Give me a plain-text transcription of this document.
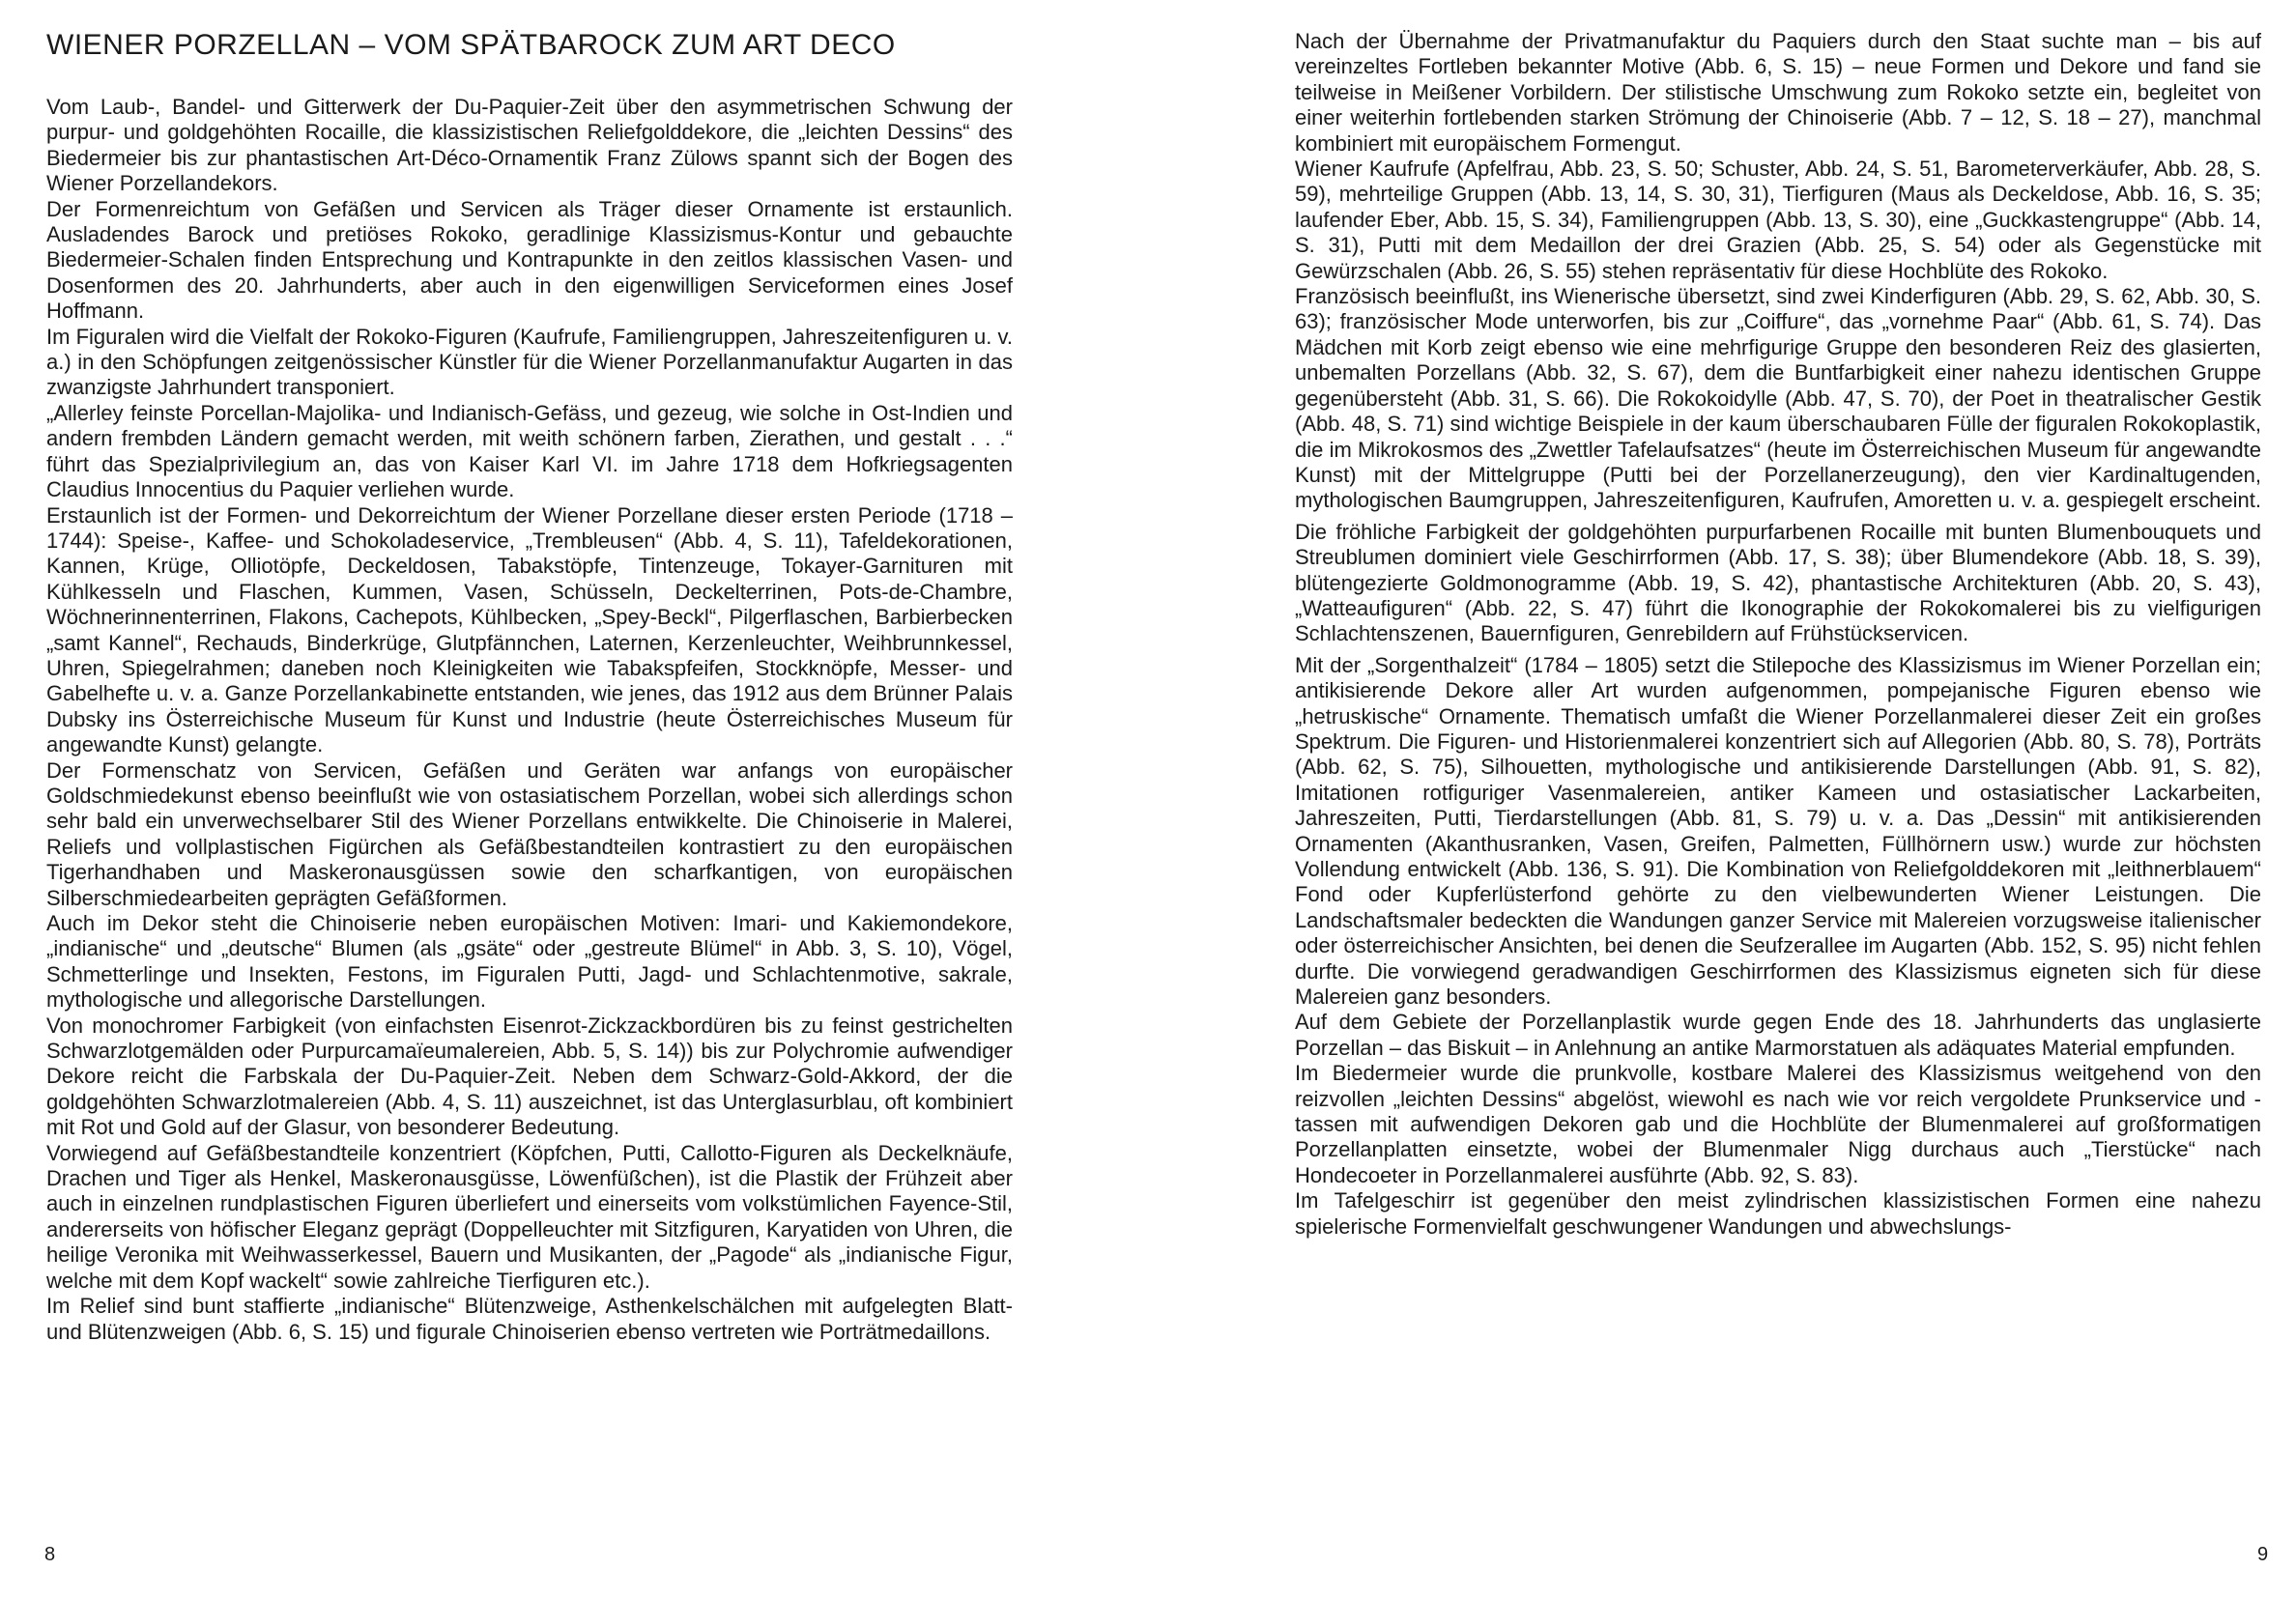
WIENER PORZELLAN – VOM SPÄTBAROCK ZUM ART DECO

Vom Laub-, Bandel- und Gitterwerk der Du-Paquier-Zeit über den asymmetrischen Schwung der purpur- und goldgehöhten Rocaille, die klassizistischen Reliefgolddekore, die „leichten Dessins“ des Biedermeier bis zur phantastischen Art-Déco-Ornamentik Franz Zülows spannt sich der Bogen des Wiener Porzellandekors.

Der Formenreichtum von Gefäßen und Servicen als Träger dieser Ornamente ist erstaunlich. Ausladendes Barock und pretiöses Rokoko, geradlinige Klassizismus-Kontur und gebauchte Biedermeier-Schalen finden Entsprechung und Kontrapunkte in den zeitlos klassischen Vasen- und Dosenformen des 20. Jahrhunderts, aber auch in den eigenwilligen Serviceformen eines Josef Hoffmann.

Im Figuralen wird die Vielfalt der Rokoko-Figuren (Kaufrufe, Familiengruppen, Jahreszeitenfiguren u. v. a.) in den Schöpfungen zeitgenössischer Künstler für die Wiener Porzellanmanufaktur Augarten in das zwanzigste Jahrhundert transponiert.

„Allerley feinste Porcellan-Majolika- und Indianisch-Gefäss, und gezeug, wie solche in Ost-Indien und andern frembden Ländern gemacht werden, mit weith schönern farben, Zierathen, und gestalt . . .“ führt das Spezialprivilegium an, das von Kaiser Karl VI. im Jahre 1718 dem Hofkriegsagenten Claudius Innocentius du Paquier verliehen wurde.

Erstaunlich ist der Formen- und Dekorreichtum der Wiener Porzellane dieser ersten Periode (1718 – 1744): Speise-, Kaffee- und Schokoladeservice, „Trembleusen“ (Abb. 4, S. 11), Tafeldekorationen, Kannen, Krüge, Olliotöpfe, Deckeldosen, Tabakstöpfe, Tintenzeuge, Tokayer-Garnituren mit Kühlkesseln und Flaschen, Kummen, Vasen, Schüsseln, Deckelterrinen, Pots-de-Chambre, Wöchnerinnenterrinen, Flakons, Cachepots, Kühlbecken, „Spey-Beckl“, Pilgerflaschen, Barbierbecken „samt Kannel“, Rechauds, Binderkrüge, Glutpfännchen, Laternen, Kerzenleuchter, Weihbrunnkessel, Uhren, Spiegelrahmen; daneben noch Kleinigkeiten wie Tabakspfeifen, Stockknöpfe, Messer- und Gabelhefte u. v. a. Ganze Porzellankabinette entstanden, wie jenes, das 1912 aus dem Brünner Palais Dubsky ins Österreichische Museum für Kunst und Industrie (heute Österreichisches Museum für angewandte Kunst) gelangte.

Der Formenschatz von Servicen, Gefäßen und Geräten war anfangs von europäischer Goldschmiedekunst ebenso beeinflußt wie von ostasiatischem Porzellan, wobei sich allerdings schon sehr bald ein unverwechselbarer Stil des Wiener Porzellans entwikkelte. Die Chinoiserie in Malerei, Reliefs und vollplastischen Figürchen als Gefäßbestandteilen kontrastiert zu den europäischen Tigerhandhaben und Maskeronausgüssen sowie den scharfkantigen, von europäischen Silberschmiedearbeiten geprägten Gefäßformen.

Auch im Dekor steht die Chinoiserie neben europäischen Motiven: Imari- und Kakiemondekore, „indianische“ und „deutsche“ Blumen (als „gsäte“ oder „gestreute Blümel“ in Abb. 3, S. 10), Vögel, Schmetterlinge und Insekten, Festons, im Figuralen Putti, Jagd- und Schlachtenmotive, sakrale, mythologische und allegorische Darstellungen.

Von monochromer Farbigkeit (von einfachsten Eisenrot-Zickzackbordüren bis zu feinst gestrichelten Schwarzlotgemälden oder Purpurcamaïeumalereien, Abb. 5, S. 14)) bis zur Polychromie aufwendiger Dekore reicht die Farbskala der Du-Paquier-Zeit. Neben dem Schwarz-Gold-Akkord, der die goldgehöhten Schwarzlotmalereien (Abb. 4, S. 11) auszeichnet, ist das Unterglasurblau, oft kombiniert mit Rot und Gold auf der Glasur, von besonderer Bedeutung.

Vorwiegend auf Gefäßbestandteile konzentriert (Köpfchen, Putti, Callotto-Figuren als Deckelknäufe, Drachen und Tiger als Henkel, Maskeronausgüsse, Löwenfüßchen), ist die Plastik der Frühzeit aber auch in einzelnen rundplastischen Figuren überliefert und einerseits vom volkstümlichen Fayence-Stil, andererseits von höfischer Eleganz geprägt (Doppelleuchter mit Sitzfiguren, Karyatiden von Uhren, die heilige Veronika mit Weihwasserkessel, Bauern und Musikanten, der „Pagode“ als „indianische Figur, welche mit dem Kopf wackelt“ sowie zahlreiche Tierfiguren etc.).

Im Relief sind bunt staffierte „indianische“ Blütenzweige, Asthenkelschälchen mit aufgelegten Blatt- und Blütenzweigen (Abb. 6, S. 15) und figurale Chinoiserien ebenso vertreten wie Porträtmedaillons.

8

Nach der Übernahme der Privatmanufaktur du Paquiers durch den Staat suchte man – bis auf vereinzeltes Fortleben bekannter Motive (Abb. 6, S. 15) – neue Formen und Dekore und fand sie teilweise in Meißener Vorbildern. Der stilistische Umschwung zum Rokoko setzte ein, begleitet von einer weiterhin fortlebenden starken Strömung der Chinoiserie (Abb. 7 – 12, S. 18 – 27), manchmal kombiniert mit europäischem Formengut.

Wiener Kaufrufe (Apfelfrau, Abb. 23, S. 50; Schuster, Abb. 24, S. 51, Barometerverkäufer, Abb. 28, S. 59), mehrteilige Gruppen (Abb. 13, 14, S. 30, 31), Tierfiguren (Maus als Deckeldose, Abb. 16, S. 35; laufender Eber, Abb. 15, S. 34), Familiengruppen (Abb. 13, S. 30), eine „Guckkastengruppe“ (Abb. 14, S. 31), Putti mit dem Medaillon der drei Grazien (Abb. 25, S. 54) oder als Gegenstücke mit Gewürzschalen (Abb. 26, S. 55) stehen repräsentativ für diese Hochblüte des Rokoko.

Französisch beeinflußt, ins Wienerische übersetzt, sind zwei Kinderfiguren (Abb. 29, S. 62, Abb. 30, S. 63); französischer Mode unterworfen, bis zur „Coiffure“, das „vornehme Paar“ (Abb. 61, S. 74). Das Mädchen mit Korb zeigt ebenso wie eine mehrfigurige Gruppe den besonderen Reiz des glasierten, unbemalten Porzellans (Abb. 32, S. 67), dem die Buntfarbigkeit einer nahezu identischen Gruppe gegenübersteht (Abb. 31, S. 66). Die Rokokoidylle (Abb. 47, S. 70), der Poet in theatralischer Gestik (Abb. 48, S. 71) sind wichtige Beispiele in der kaum überschaubaren Fülle der figuralen Rokokoplastik, die im Mikrokosmos des „Zwettler Tafelaufsatzes“ (heute im Österreichischen Museum für angewandte Kunst) mit der Mittelgruppe (Putti bei der Porzellanerzeugung), den vier Kardinaltugenden, mythologischen Baumgruppen, Jahreszeitenfiguren, Kaufrufen, Amoretten u. v. a. gespiegelt erscheint.

Die fröhliche Farbigkeit der goldgehöhten purpurfarbenen Rocaille mit bunten Blumenbouquets und Streublumen dominiert viele Geschirrformen (Abb. 17, S. 38); über Blumendekore (Abb. 18, S. 39), blütengezierte Goldmonogramme (Abb. 19, S. 42), phantastische Architekturen (Abb. 20, S. 43), „Watteaufiguren“ (Abb. 22, S. 47) führt die Ikonographie der Rokokomalerei bis zu vielfigurigen Schlachtenszenen, Bauernfiguren, Genrebildern auf Frühstückservicen.

Mit der „Sorgenthalzeit“ (1784 – 1805) setzt die Stilepoche des Klassizismus im Wiener Porzellan ein; antikisierende Dekore aller Art wurden aufgenommen, pompejanische Figuren ebenso wie „hetruskische“ Ornamente. Thematisch umfaßt die Wiener Porzellanmalerei dieser Zeit ein großes Spektrum. Die Figuren- und Historienmalerei konzentriert sich auf Allegorien (Abb. 80, S. 78), Porträts (Abb. 62, S. 75), Silhouetten, mythologische und antikisierende Darstellungen (Abb. 91, S. 82), Imitationen rotfiguriger Vasenmalereien, antiker Kameen und ostasiatischer Lackarbeiten, Jahreszeiten, Putti, Tierdarstellungen (Abb. 81, S. 79) u. v. a. Das „Dessin“ mit antikisierenden Ornamenten (Akanthusranken, Vasen, Greifen, Palmetten, Füllhörnern usw.) wurde zur höchsten Vollendung entwickelt (Abb. 136, S. 91). Die Kombination von Reliefgolddekoren mit „leithnerblauem“ Fond oder Kupferlüsterfond gehörte zu den vielbewunderten Wiener Leistungen. Die Landschaftsmaler bedeckten die Wandungen ganzer Service mit Malereien vorzugsweise italienischer oder österreichischer Ansichten, bei denen die Seufzerallee im Augarten (Abb. 152, S. 95) nicht fehlen durfte. Die vorwiegend geradwandigen Geschirrformen des Klassizismus eigneten sich für diese Malereien ganz besonders.

Auf dem Gebiete der Porzellanplastik wurde gegen Ende des 18. Jahrhunderts das unglasierte Porzellan – das Biskuit – in Anlehnung an antike Marmorstatuen als adäquates Material empfunden.

Im Biedermeier wurde die prunkvolle, kostbare Malerei des Klassizismus weitgehend von den reizvollen „leichten Dessins“ abgelöst, wiewohl es nach wie vor reich vergoldete Prunkservice und -tassen mit aufwendigen Dekoren gab und die Hochblüte der Blumenmalerei auf großformatigen Porzellanplatten einsetzte, wobei der Blumenmaler Nigg durchaus auch „Tierstücke“ nach Hondecoeter in Porzellanmalerei ausführte (Abb. 92, S. 83).

Im Tafelgeschirr ist gegenüber den meist zylindrischen klassizistischen Formen eine nahezu spielerische Formenvielfalt geschwungener Wandungen und abwechslungs-

9
